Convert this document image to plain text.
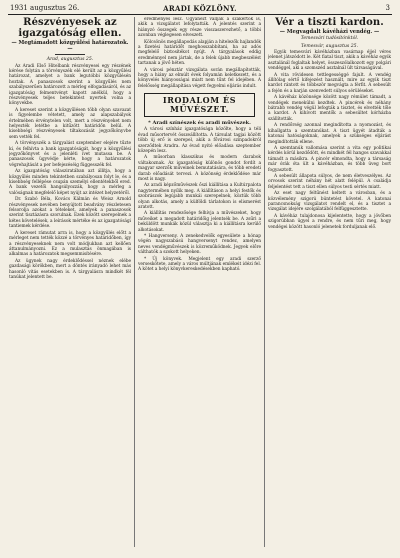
1931 augusztus 26.	ARADI KÖZLÖNY.	3
Részvényesek az igazgatóság ellen.
— Megtámadott közgyűlési határozatok. —
Arad, augusztus 25.

Az Aradi Első Hitelbank részvényesei egy részének kérése folytán a törvényszék elé került az a közgyűlési határozat, amelyet a bank legutóbbi közgyűlésén hoztak. A panaszosok szerint a közgyűlés nem szabályszerűen határozott a mérleg elfogadásáról, és az igazgatóság felmentvényt kapott anélkül, hogy a részvényesek teljes betekintést nyertek volna a könyvekbe.

A kereset szerint a közgyűlésen több olyan szavazat is figyelembe vétetett, amely az alapszabályok értelmében érvénytelen volt, mert a részvényeket nem helyezték letétbe a kitűzött határidőn belül. A kisebbségi részvényesek tiltakozását jegyzőkönyvbe sem vették fel.

A törvényszék a tárgyalást szeptember elejére tűzte ki, és felhívta a bank igazgatóságát, hogy a közgyűlési jegyzőkönyvet és a jelenléti ívet mutassa be. A panaszosok ügyvédje kérte, hogy a határozatok végrehajtását a per befejezéséig függesszék fel.

Az igazgatóság válasziratában azt állítja, hogy a közgyűlés minden tekintetben szabályosan folyt le, és a kisebbség fellépése csupán személyi ellentétekből ered. A bank vezetői hangsúlyozzák, hogy a mérleg a valóságnak megfelelő képet nyújt az intézet helyzetéről.

Dr. Szabó Béla, Kovács Kálmán és Weisz Arnold részvényesek nevében benyújtott beadvány részletesen felsorolja azokat a tételeket, amelyek a panaszosok szerint tisztázásra szorulnak. Ezek között szerepelnek a kétes követelések, a leírások mértéke és az igazgatósági tantiemek kérdése.

A kereset rámutat arra is, hogy a közgyűlés előtt a mérleget nem tették közzé a törvényes határidőben, így a részvényeseknek nem volt módjukban azt kellően áttanulmányozni. Ez a mulasztás önmagában is alkalmas a határozatok megsemmisítésére.

Az ügynek nagy érdeklődéssel néznek elébe gazdasági körökben, mert a döntés irányadó lehet más hasonló vitás esetekben is. A tárgyalásra mindkét fél tanúkat jelentett be.

eredményes lesz. Ugyanezt vallják a szakértők is, akik a vizsgálatot lefolytatták. A jelentés szerint a hiányzó összegek egy része visszaszerezhető, a többi azonban véglegesen elveszett.

Kölcsönös megállapodás alapján a hitelezők hajlandók a fizetési határidőt meghosszabbítani, ha az adós megfelelő biztosítékot nyújt. A tárgyalások eddig eredménnyel nem jártak, de a felek újabb megbeszélést tartanak a jövő héten.

A városi pénztár vizsgálata során megállapították, hogy a hiány az elmúlt évek folyamán keletkezett, és a könyvelés hiányosságai miatt nem tűnt fel idejében. A felelősség megállapítása végett fegyelmi eljárás indult.

IRODALOM ÉS MŰVÉSZET.
* Aradi színészek és aradi művészek.

A városi színház igazgatósága közölte, hogy a téli évad műsortervét összeállította. A társulat tagjai között több új erő is szerepel, akik a fővárosi színpadokról szerződtek Aradra. Az évad nyitó előadása szeptember közepén lesz.

A műsorban klasszikus és modern darabok váltakoznak. Az igazgatóság különös gondot fordít a magyar szerzők műveinek bemutatására, és több eredeti darab előadását tervezi. A közönség érdeklődése már most is nagy.

Az aradi képzőművészek őszi kiállítása a Kultúrpalota nagytermében nyílik meg. A kiállításon a helyi festők és szobrászok legújabb munkái szerepelnek, köztük több olyan alkotás, amely a külföldi tárlatokon is elismerést aratott.

A kiállítás rendezősége felhívja a művészeket, hogy műveiket a megadott határidőig jelentsék be. A zsűri a beküldött munkák közül választja ki a kiállításra kerülő alkotásokat.

* Hangverseny. A zenekedvelők egyesülete a hónap végén nagyszabású hangversenyt rendez, amelyen neves vendégművészek is közreműködnek. Jegyek előre válthatók a szokott helyeken.

* Új könyvek. Megjelent egy aradi szerző verseskötete, amely a város múltjának emlékeit idézi fel. A kötet a helyi könyvkereskedésekben kapható.

Vér a tiszti kardon.
— Megvagdalt kávéházi vendég. —
Temesvári tudósítónktól.
Temesvár, augusztus 25.

Egyik temesvári kávéházban vasárnap éjjel véres jelenet játszódott le. Két fiatal tiszt, akik a kávéház egyik asztalánál foglaltak helyet, összeszólalkozott egy polgári vendéggel, aki a szomszéd asztalnál ült társaságával.

A vita rövidesen tettlegességgé fajult. A vendég állítólag sértő kifejezést használt, mire az egyik tiszt kardot rántott és többször megvágta a férfit. A sebesült a fején és a karján szenvedett súlyos sérüléseket.

A kávéház közönsége között nagy rémület támadt, a vendégek menekülni kezdtek. A pincérek és néhány bátrabb vendég végül lefogták a tisztet, és elvették tőle a kardot. A kihívott mentők a sebesültet kórházba szállították.

A rendőrség azonnal megindította a nyomozást, és kihallgatta a szemtanúkat. A tiszt ügyét átadták a katonai hatóságoknak, amelyek a szükséges eljárást megindították ellene.

A szemtanúk vallomása szerint a vita egy politikai kérdés körül kezdődött, és mindkét fél hangos szavakkal támadt a másikra. A pincér elmondta, hogy a társaság már órák óta ült a kávéházban, és több üveg bort fogyasztott.

A sebesült állapota súlyos, de nem életveszélyes. Az orvosok szerint néhány hét alatt felépül. A családja feljelentést tett a tiszt ellen súlyos testi sértés miatt.

Az eset nagy feltűnést keltett a városban, és a közvélemény szigorú büntetést követel. A katonai parancsnokság vizsgálatot rendelt el, és a tisztet a vizsgálat idejére szolgálatából felfüggesztette.

A kávéház tulajdonosa kijelentette, hogy a jövőben szigorúbban ügyel a rendre, és nem tűri meg, hogy vendégei között hasonló jelenetek forduljanak elő.
